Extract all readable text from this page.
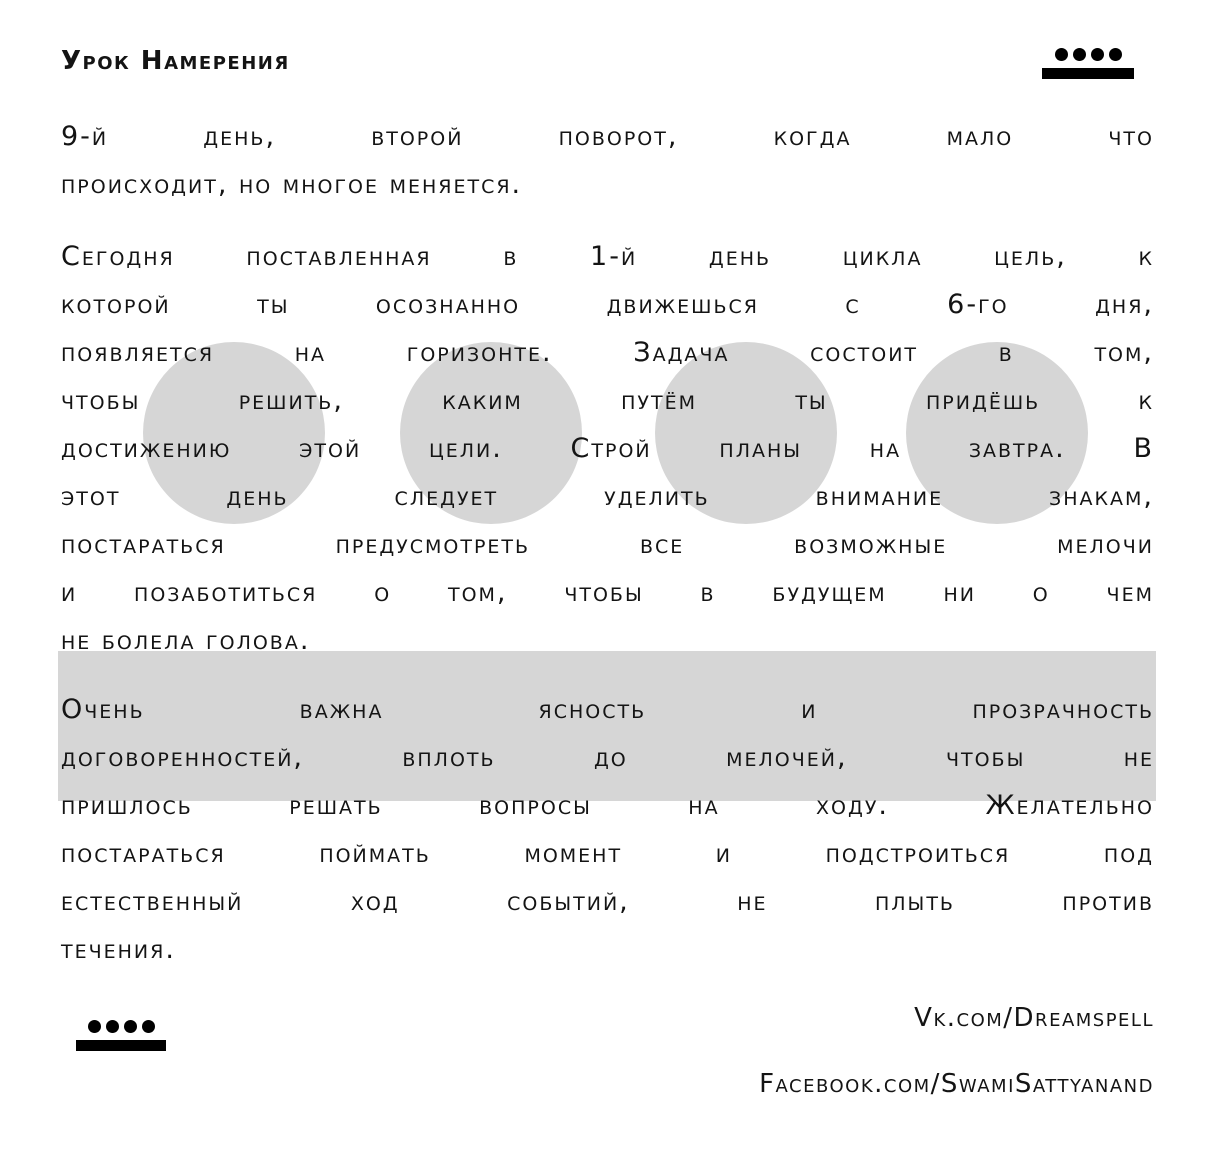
Урок Намерения
9-й день, второй поворот, когда мало что
происходит, но многое меняется.
Сегодня поставленная в 1-й день цикла цель, к
которой ты осознанно движешься с 6-го дня,
появляется на горизонте. Задача состоит в том,
чтобы решить, каким путём ты придёшь к
достижению этой цели. Строй планы на завтра. В
этот день следует уделить внимание знакам,
постараться предусмотреть все возможные мелочи
и позаботиться о том, чтобы в будущем ни о чем
не болела голова.
Очень важна ясность и прозрачность
договоренностей, вплоть до мелочей, чтобы не
пришлось решать вопросы на ходу. Желательно
постараться поймать момент и подстроиться под
естественный ход событий, не плыть против
течения.
Vk.com/Dreamspell
Facebook.com/SwamiSattyanand
